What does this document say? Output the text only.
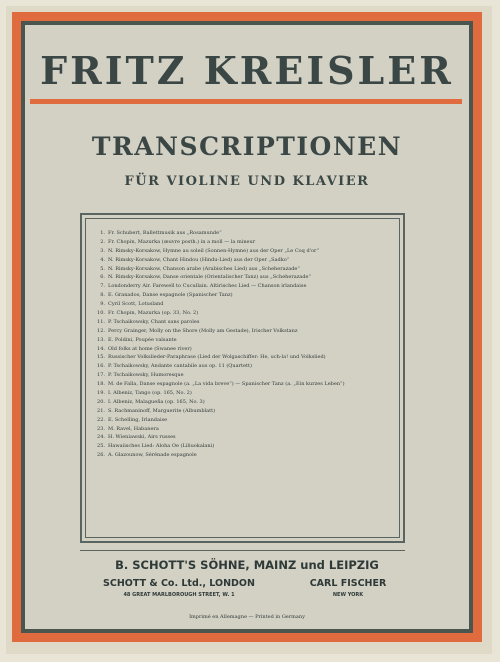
FRITZ KREISLER
TRANSCRIPTIONEN
FÜR VIOLINE UND KLAVIER
1. Fr. Schubert, Ballettmusik aus „Rosamunde“
2. Fr. Chopin, Mazurka (œuvre posth.) in a moll — la mineur
3. N. Rimsky-Korsakow, Hymne au soleil (Sonnen-Hymne) aus der Oper „Le Coq d'or“
4. N. Rimsky-Korsakow, Chant Hindou (Hindu-Lied) aus der Oper „Sadko“
5. N. Rimsky-Korsakow, Chanson arabe (Arabisches Lied) aus „Scheherazade“
6. N. Rimsky-Korsakow, Danse orientale (Orientalischer Tanz) aus „Scheherazade“
7. Londonderry Air. Farewell to Cucullain. Altirisches Lied — Chanson irlandaise
8. E. Granados, Danse espagnole (Spanischer Tanz)
9. Cyril Scott, Lotusland
10. Fr. Chopin, Mazurka (op. 33, No. 2)
11. P. Tschaikowsky, Chant sans paroles
12. Percy Grainger, Molly on the Shore (Molly am Gestade), Irischer Volkstanz
13. E. Poldini, Poupée valsante
14. Old folks at home (Swanee river)
15. Russischer Volkslieder-Paraphrase (Lied der Wolgaschiffer: He, uch-la! und Volkslied)
16. P. Tschaikowsky, Andante cantabile aus op. 11 (Quartett)
17. P. Tschaikowsky, Humoresque
18. M. de Falla, Danse espagnole (a. „La vida breve“) — Spanischer Tanz (a. „Ein kurzes Leben“)
19. I. Albeniz, Tango (op. 165, No. 2)
20. I. Albeniz, Malagueña (op. 165, No. 3)
21. S. Rachmaninoff, Marguerite (Albumblatt)
22. E. Schelling, Irlandaise
23. M. Ravel, Habanera
24. H. Wieniawski, Airs russes
25. Hawaiisches Lied: Aloha Oe (Liliuokalani)
26. A. Glazounow, Sérénade espagnole
B. SCHOTT'S SÖHNE, MAINZ und LEIPZIG
SCHOTT & Co. Ltd., LONDON	CARL FISCHER
48 GREAT MARLBOROUGH STREET, W. 1	NEW YORK
Imprimé en Allemagne — Printed in Germany
